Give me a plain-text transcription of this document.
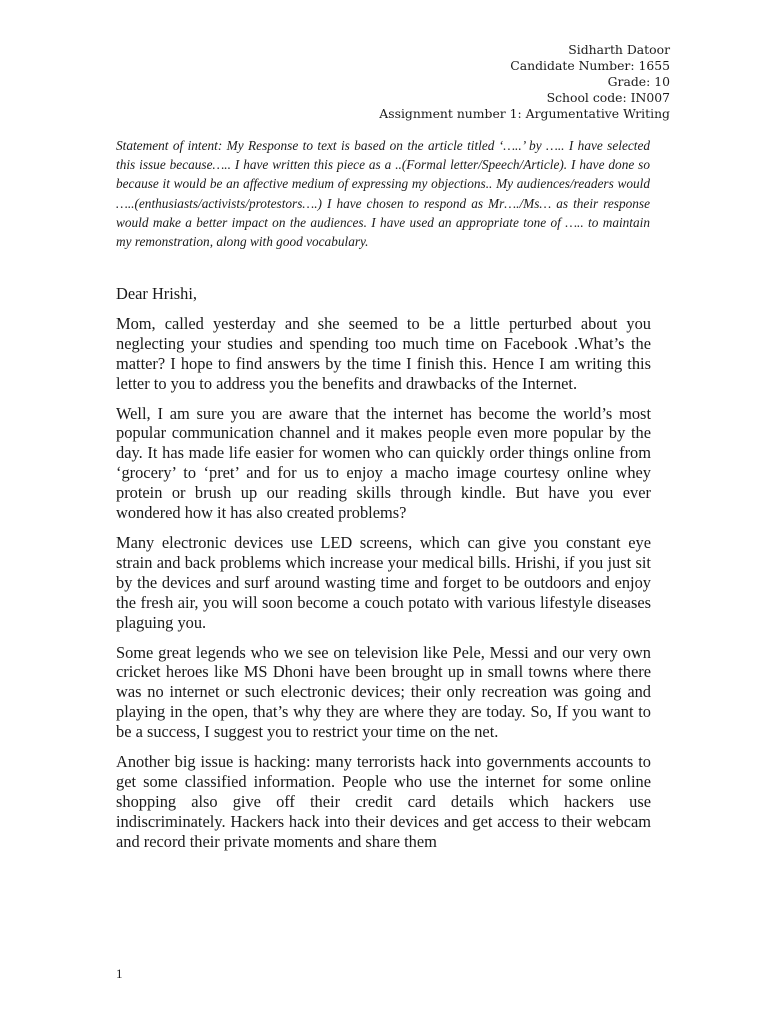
Sidharth Datoor
Candidate Number: 1655
Grade: 10
School code: IN007
Assignment number 1: Argumentative Writing
Statement of intent: My Response to text is based on the article titled ‘…..’ by ….. I have selected this issue because….. I have written this piece as a ..(Formal letter/Speech/Article). I have done so because it would be an affective medium of expressing my objections.. My audiences/readers would …..(enthusiasts/activists/protestors….) I have chosen to respond as Mr…./Ms… as their response would make a better impact on the audiences. I have used an appropriate tone of ….. to maintain my remonstration, along with good vocabulary.

Dear Hrishi,

Mom, called yesterday and she seemed to be a little perturbed about you neglecting your studies and spending too much time on Facebook .What’s the matter? I hope to find answers by the time I finish this. Hence I am writing this letter to you to address you the benefits and drawbacks of the Internet.

Well, I am sure you are aware that the internet has become the world’s most popular communication channel and it makes people even more popular by the day. It has made life easier for women who can quickly order things online from ‘grocery’ to ‘pret’ and for us to enjoy a macho image courtesy online whey protein or brush up our reading skills through kindle. But have you ever wondered how it has also created problems?

Many electronic devices use LED screens, which can give you constant eye strain and back problems which increase your medical bills. Hrishi, if you just sit by the devices and surf around wasting time and forget to be outdoors and enjoy the fresh air, you will soon become a couch potato with various lifestyle diseases plaguing you.

Some great legends who we see on television like Pele, Messi and our very own cricket heroes like MS Dhoni have been brought up in small towns where there was no internet or such electronic devices; their only recreation was going and playing in the open, that’s why they are where they are today. So, If you want to be a success, I suggest you to restrict your time on the net.

Another big issue is hacking: many terrorists hack into governments accounts to get some classified information. People who use the internet for some online shopping also give off their credit card details which hackers use indiscriminately. Hackers hack into their devices and get access to their webcam and record their private moments and share them

1
